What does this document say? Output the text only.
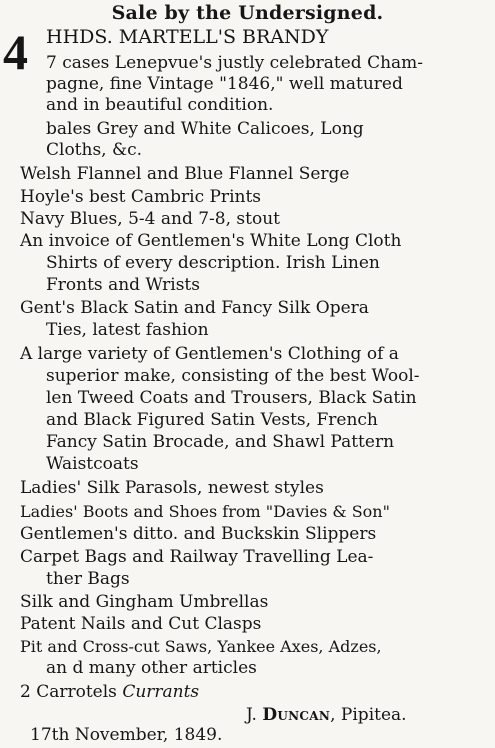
Sale by the Undersigned.
4 HHDS. MARTELL'S BRANDY
7 cases Lenepvue's justly celebrated Cham-
pagne, fine Vintage "1846," well matured
and in beautiful condition.
bales Grey and White Calicoes, Long
Cloths, &c.
Welsh Flannel and Blue Flannel Serge
Hoyle's best Cambric Prints
Navy Blues, 5-4 and 7-8, stout
An invoice of Gentlemen's White Long Cloth
Shirts of every description. Irish Linen
Fronts and Wrists
Gent's Black Satin and Fancy Silk Opera
Ties, latest fashion
A large variety of Gentlemen's Clothing of a
superior make, consisting of the best Wool-
len Tweed Coats and Trousers, Black Satin
and Black Figured Satin Vests, French
Fancy Satin Brocade, and Shawl Pattern
Waistcoats
Ladies' Silk Parasols, newest styles
Ladies' Boots and Shoes from "Davies & Son"
Gentlemen's ditto. and Buckskin Slippers
Carpet Bags and Railway Travelling Lea-
ther Bags
Silk and Gingham Umbrellas
Patent Nails and Cut Clasps
Pit and Cross-cut Saws, Yankee Axes, Adzes,
an d many other articles
2 Carrotels Currants
J. Duncan, Pipitea.
17th November, 1849.
